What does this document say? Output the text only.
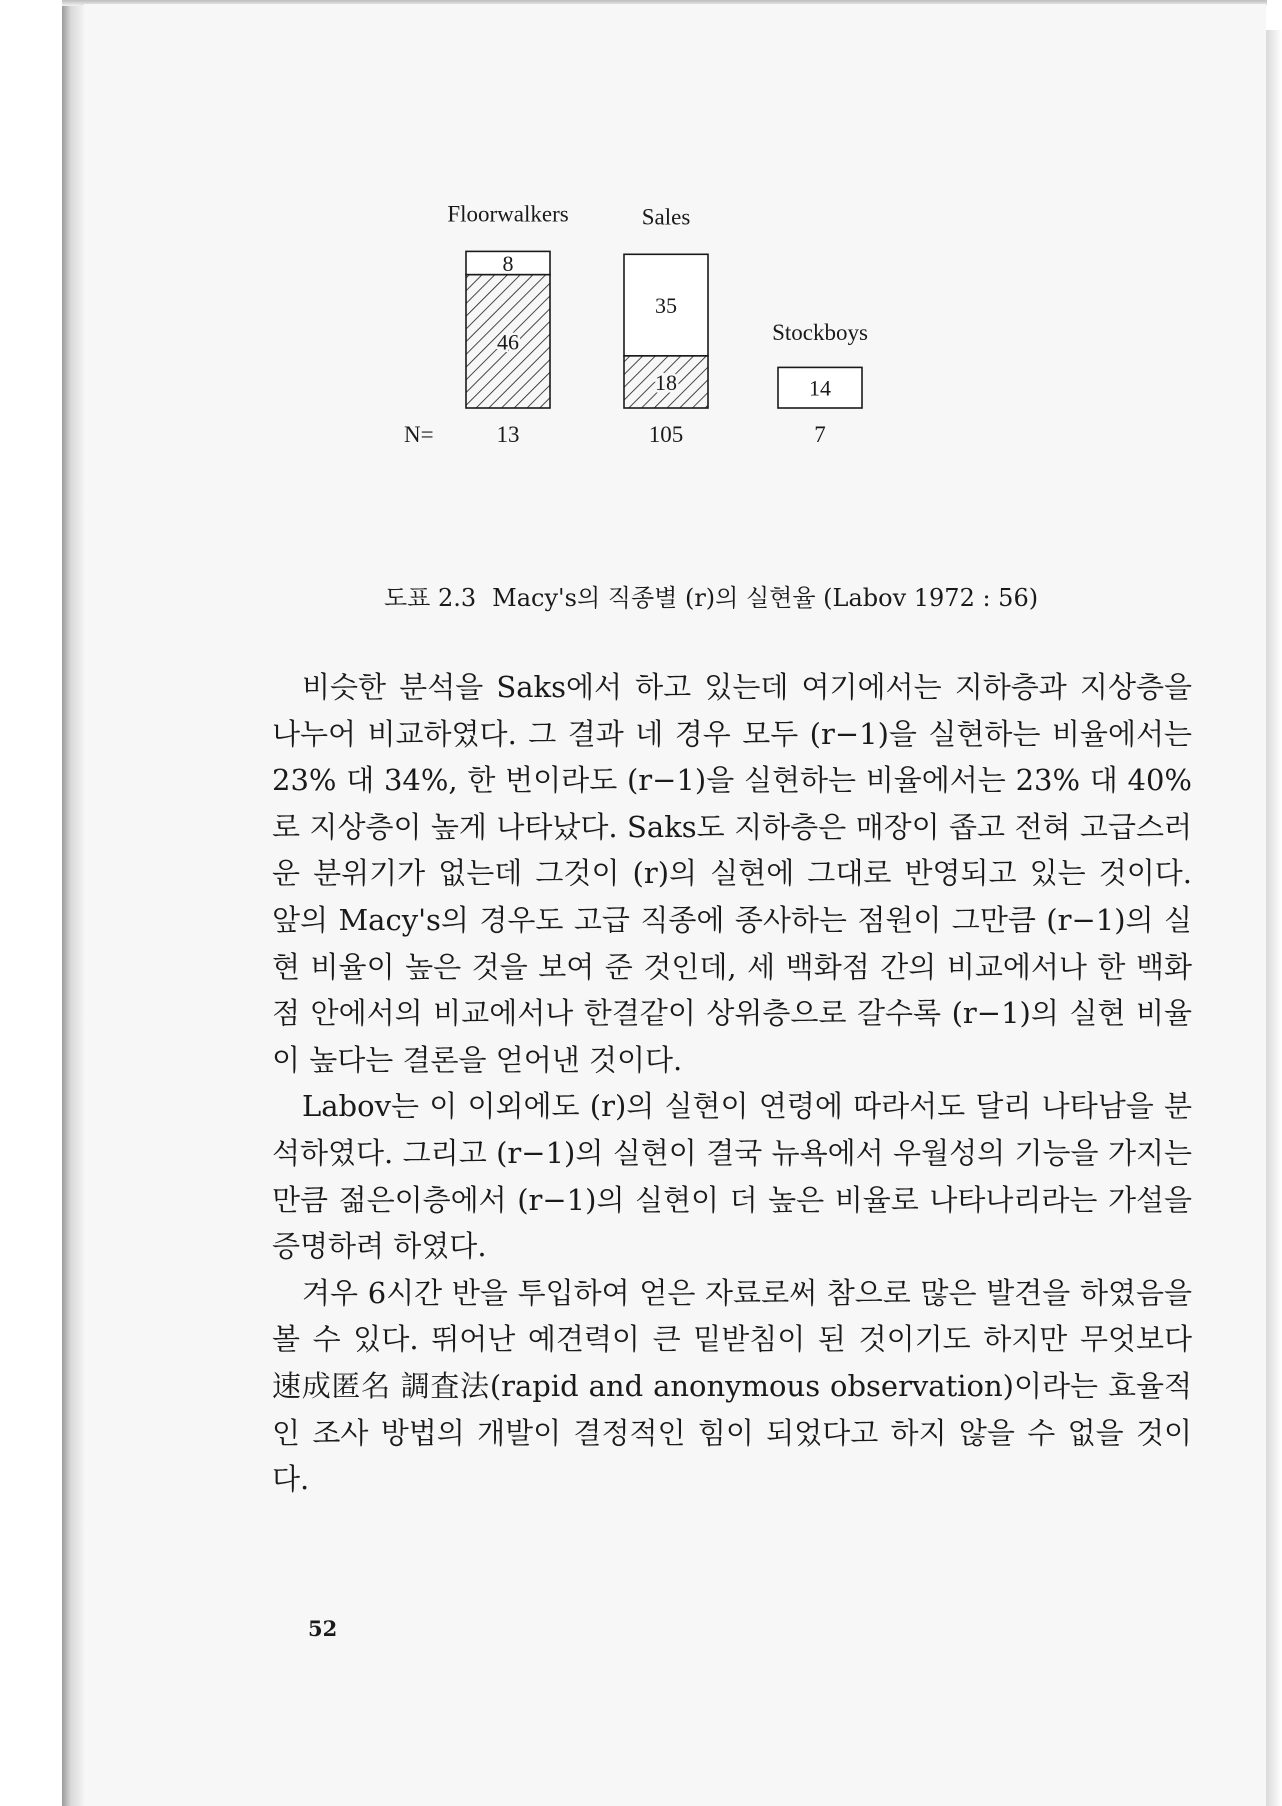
46
8
Floorwalkers
13
18
35
Sales
105
14
Stockboys
7
N=
도표 2.3 Macy's의 직종별 (r)의 실현율 (Labov 1972 : 56)

비슷한 분석을 Saks에서 하고 있는데 여기에서는 지하층과 지상층을 나누어 비교하였다. 그 결과 네 경우 모두 (r−1)을 실현하는 비율에서는 23% 대 34%, 한 번이라도 (r−1)을 실현하는 비율에서는 23% 대 40%로 지상층이 높게 나타났다. Saks도 지하층은 매장이 좁고 전혀 고급스러운 분위기가 없는데 그것이 (r)의 실현에 그대로 반영되고 있는 것이다. 앞의 Macy's의 경우도 고급 직종에 종사하는 점원이 그만큼 (r−1)의 실현 비율이 높은 것을 보여 준 것인데, 세 백화점 간의 비교에서나 한 백화점 안에서의 비교에서나 한결같이 상위층으로 갈수록 (r−1)의 실현 비율이 높다는 결론을 얻어낸 것이다.

Labov는 이 이외에도 (r)의 실현이 연령에 따라서도 달리 나타남을 분석하였다. 그리고 (r−1)의 실현이 결국 뉴욕에서 우월성의 기능을 가지는 만큼 젊은이층에서 (r−1)의 실현이 더 높은 비율로 나타나리라는 가설을 증명하려 하였다.

겨우 6시간 반을 투입하여 얻은 자료로써 참으로 많은 발견을 하였음을 볼 수 있다. 뛰어난 예견력이 큰 밑받침이 된 것이기도 하지만 무엇보다 速成匿名 調査法(rapid and anonymous observation)이라는 효율적인 조사 방법의 개발이 결정적인 힘이 되었다고 하지 않을 수 없을 것이다.

52
